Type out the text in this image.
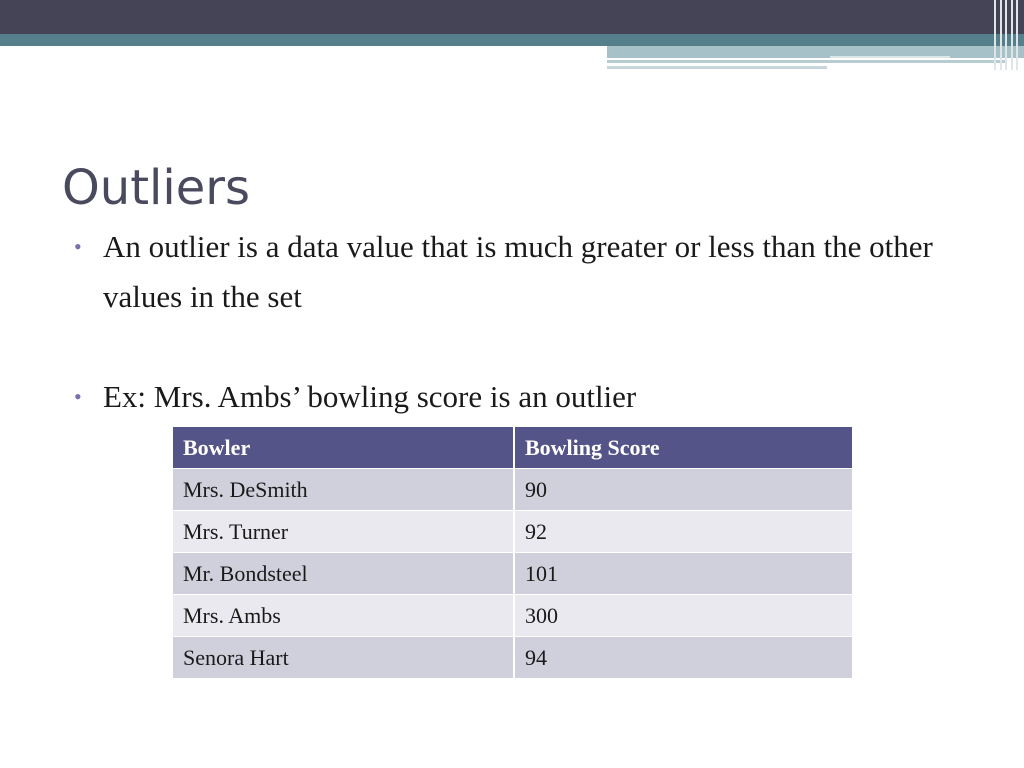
Outliers
• An outlier is a data value that is much greater or less than the other values in the set
• Ex: Mrs. Ambs’ bowling score is an outlier
Bowler	Bowling Score
Mrs. DeSmith	90
Mrs. Turner	92
Mr. Bondsteel	101
Mrs. Ambs	300
Senora Hart	94
